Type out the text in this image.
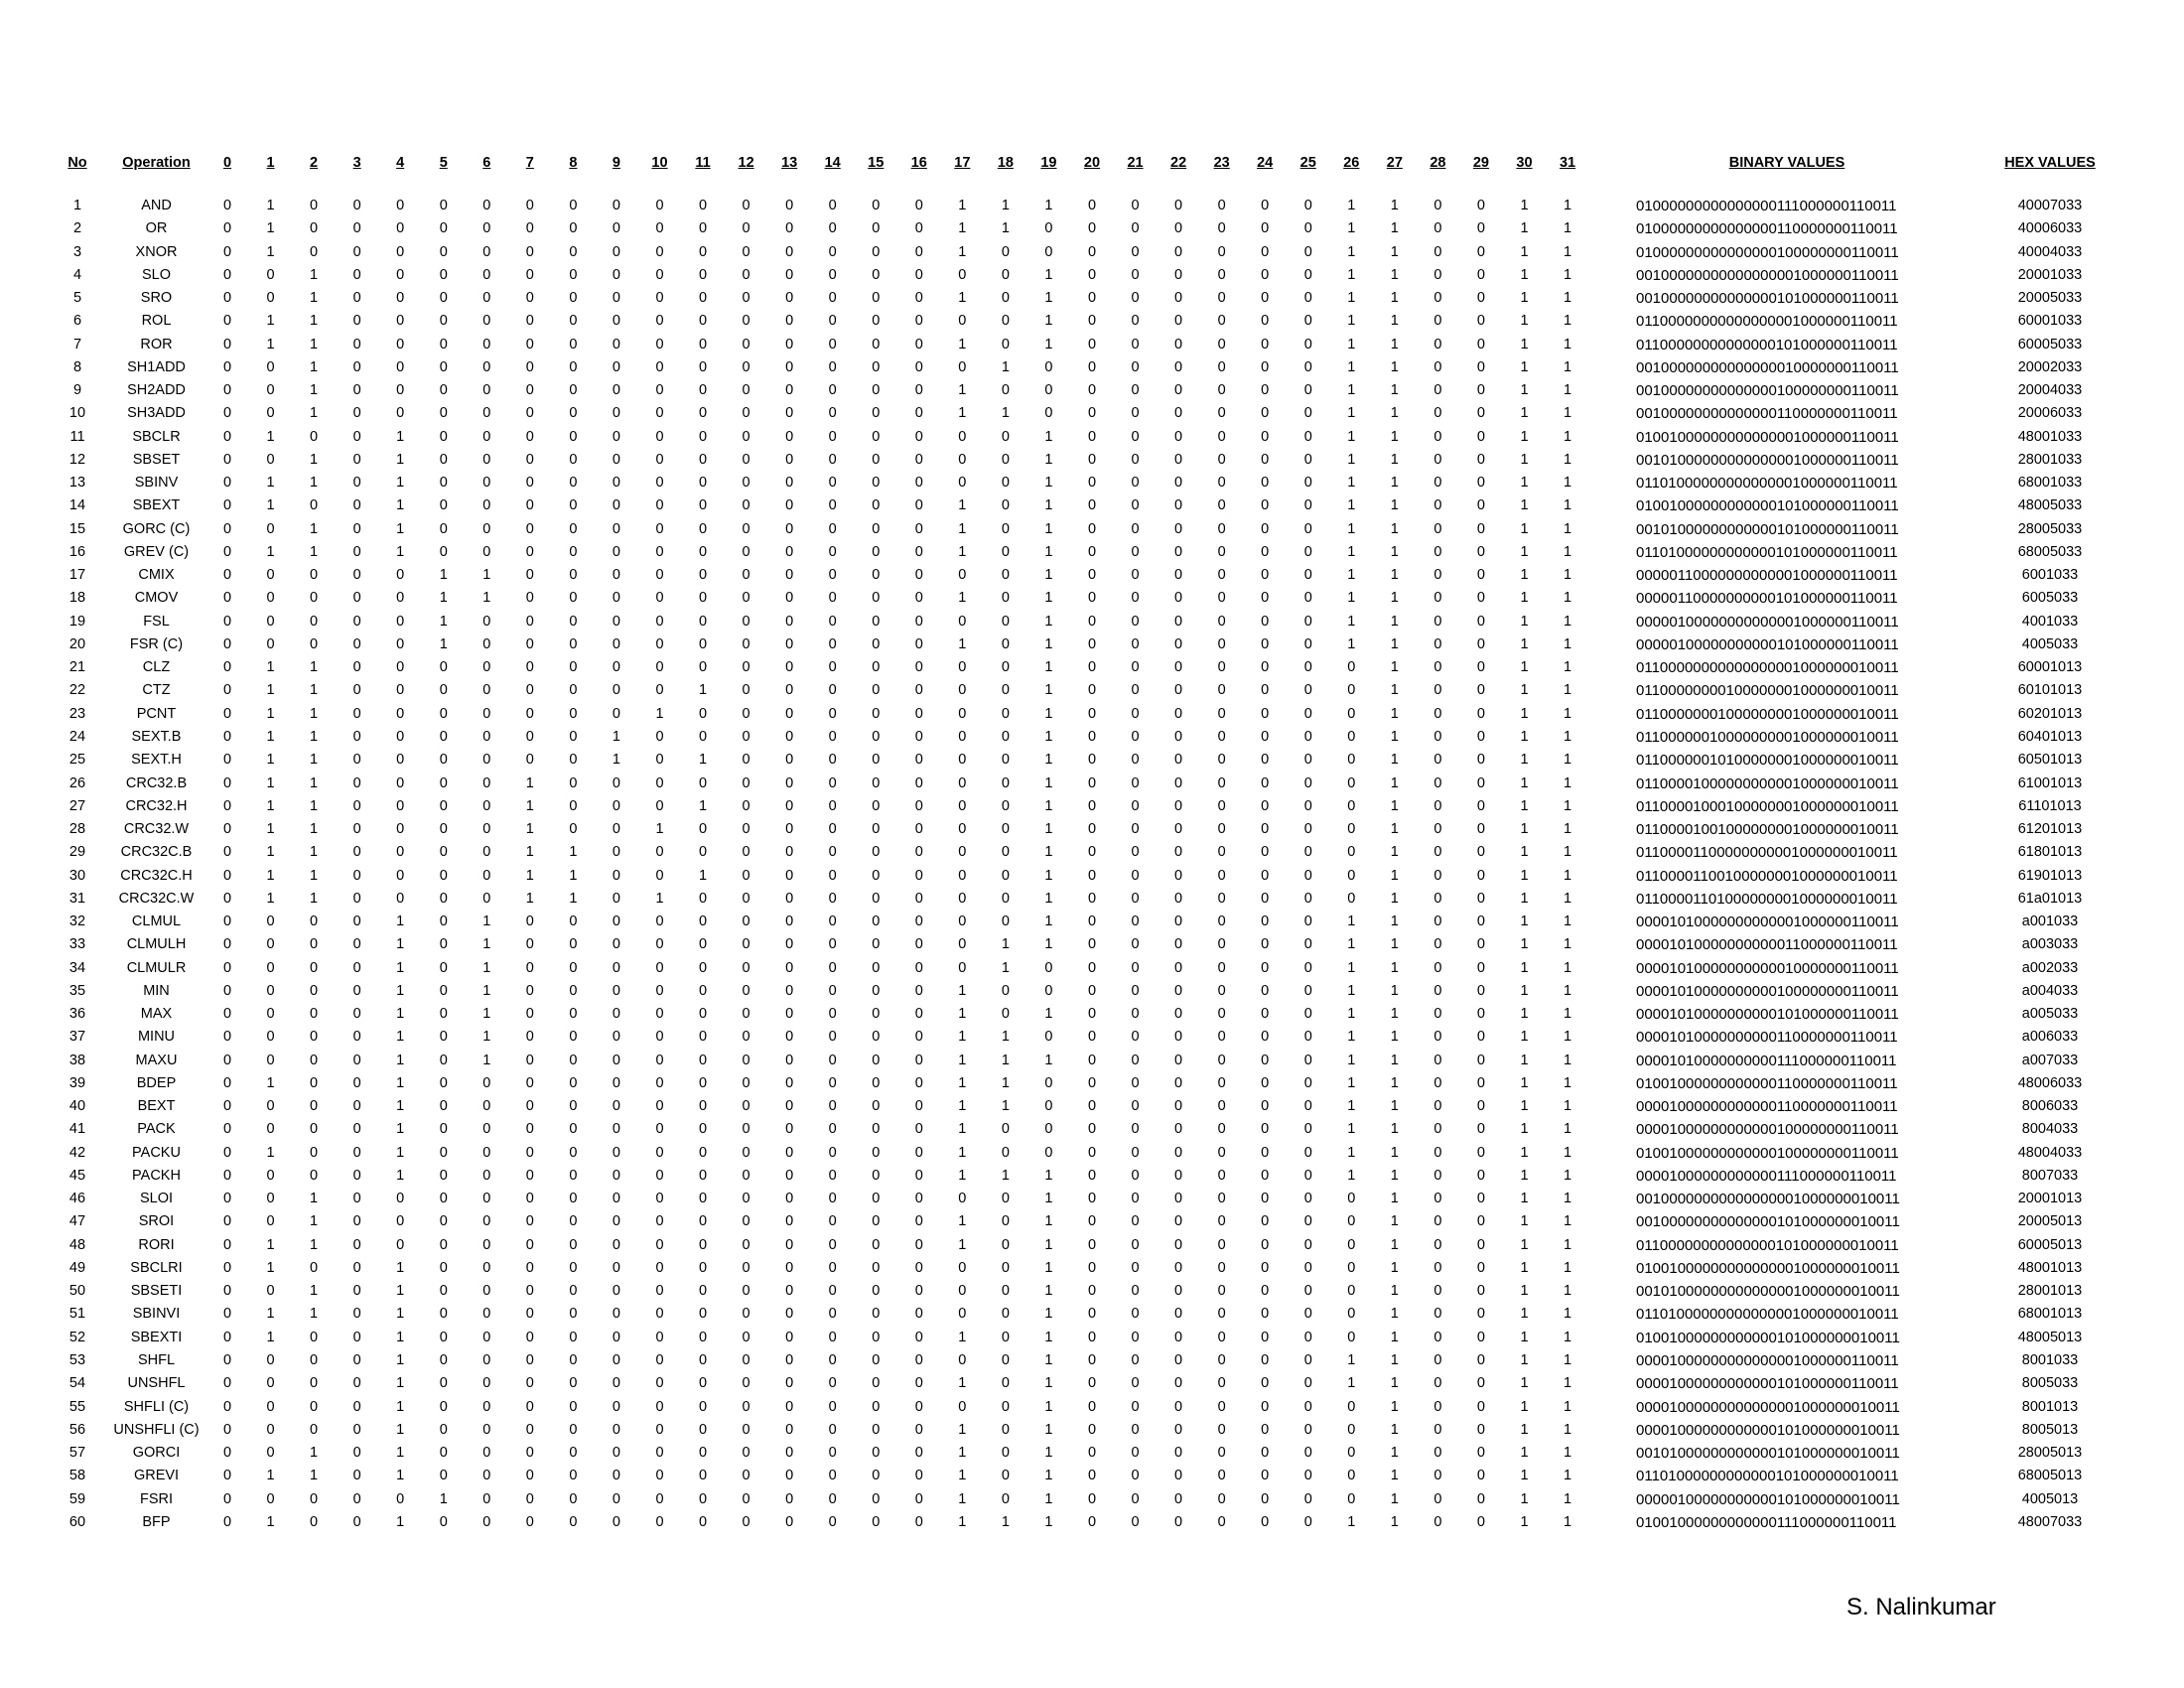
No	Operation	0	1	2	3	4	5	6	7	8	9	10	11	12	13	14	15	16	17	18	19	20	21	22	23	24	25	26	27	28	29	30	31	BINARY VALUES	HEX VALUES
1	AND	0	1	0	0	0	0	0	0	0	0	0	0	0	0	0	0	0	1	1	1	0	0	0	0	0	0	1	1	0	0	1	1	01000000000000000111000000110011	40007033
2	OR	0	1	0	0	0	0	0	0	0	0	0	0	0	0	0	0	0	1	1	0	0	0	0	0	0	0	1	1	0	0	1	1	01000000000000000110000000110011	40006033
3	XNOR	0	1	0	0	0	0	0	0	0	0	0	0	0	0	0	0	0	1	0	0	0	0	0	0	0	0	1	1	0	0	1	1	01000000000000000100000000110011	40004033
4	SLO	0	0	1	0	0	0	0	0	0	0	0	0	0	0	0	0	0	0	0	1	0	0	0	0	0	0	1	1	0	0	1	1	00100000000000000001000000110011	20001033
5	SRO	0	0	1	0	0	0	0	0	0	0	0	0	0	0	0	0	0	1	0	1	0	0	0	0	0	0	1	1	0	0	1	1	00100000000000000101000000110011	20005033
6	ROL	0	1	1	0	0	0	0	0	0	0	0	0	0	0	0	0	0	0	0	1	0	0	0	0	0	0	1	1	0	0	1	1	01100000000000000001000000110011	60001033
7	ROR	0	1	1	0	0	0	0	0	0	0	0	0	0	0	0	0	0	1	0	1	0	0	0	0	0	0	1	1	0	0	1	1	01100000000000000101000000110011	60005033
8	SH1ADD	0	0	1	0	0	0	0	0	0	0	0	0	0	0	0	0	0	0	1	0	0	0	0	0	0	0	1	1	0	0	1	1	00100000000000000010000000110011	20002033
9	SH2ADD	0	0	1	0	0	0	0	0	0	0	0	0	0	0	0	0	0	1	0	0	0	0	0	0	0	0	1	1	0	0	1	1	00100000000000000100000000110011	20004033
10	SH3ADD	0	0	1	0	0	0	0	0	0	0	0	0	0	0	0	0	0	1	1	0	0	0	0	0	0	0	1	1	0	0	1	1	00100000000000000110000000110011	20006033
11	SBCLR	0	1	0	0	1	0	0	0	0	0	0	0	0	0	0	0	0	0	0	1	0	0	0	0	0	0	1	1	0	0	1	1	01001000000000000001000000110011	48001033
12	SBSET	0	0	1	0	1	0	0	0	0	0	0	0	0	0	0	0	0	0	0	1	0	0	0	0	0	0	1	1	0	0	1	1	00101000000000000001000000110011	28001033
13	SBINV	0	1	1	0	1	0	0	0	0	0	0	0	0	0	0	0	0	0	0	1	0	0	0	0	0	0	1	1	0	0	1	1	01101000000000000001000000110011	68001033
14	SBEXT	0	1	0	0	1	0	0	0	0	0	0	0	0	0	0	0	0	1	0	1	0	0	0	0	0	0	1	1	0	0	1	1	01001000000000000101000000110011	48005033
15	GORC (C)	0	0	1	0	1	0	0	0	0	0	0	0	0	0	0	0	0	1	0	1	0	0	0	0	0	0	1	1	0	0	1	1	00101000000000000101000000110011	28005033
16	GREV (C)	0	1	1	0	1	0	0	0	0	0	0	0	0	0	0	0	0	1	0	1	0	0	0	0	0	0	1	1	0	0	1	1	01101000000000000101000000110011	68005033
17	CMIX	0	0	0	0	0	1	1	0	0	0	0	0	0	0	0	0	0	0	0	1	0	0	0	0	0	0	1	1	0	0	1	1	00000110000000000001000000110011	6001033
18	CMOV	0	0	0	0	0	1	1	0	0	0	0	0	0	0	0	0	0	1	0	1	0	0	0	0	0	0	1	1	0	0	1	1	00000110000000000101000000110011	6005033
19	FSL	0	0	0	0	0	1	0	0	0	0	0	0	0	0	0	0	0	0	0	1	0	0	0	0	0	0	1	1	0	0	1	1	00000100000000000001000000110011	4001033
20	FSR (C)	0	0	0	0	0	1	0	0	0	0	0	0	0	0	0	0	0	1	0	1	0	0	0	0	0	0	1	1	0	0	1	1	00000100000000000101000000110011	4005033
21	CLZ	0	1	1	0	0	0	0	0	0	0	0	0	0	0	0	0	0	0	0	1	0	0	0	0	0	0	0	1	0	0	1	1	01100000000000000001000000010011	60001013
22	CTZ	0	1	1	0	0	0	0	0	0	0	0	1	0	0	0	0	0	0	0	1	0	0	0	0	0	0	0	1	0	0	1	1	01100000000100000001000000010011	60101013
23	PCNT	0	1	1	0	0	0	0	0	0	0	1	0	0	0	0	0	0	0	0	1	0	0	0	0	0	0	0	1	0	0	1	1	01100000001000000001000000010011	60201013
24	SEXT.B	0	1	1	0	0	0	0	0	0	1	0	0	0	0	0	0	0	0	0	1	0	0	0	0	0	0	0	1	0	0	1	1	01100000010000000001000000010011	60401013
25	SEXT.H	0	1	1	0	0	0	0	0	0	1	0	1	0	0	0	0	0	0	0	1	0	0	0	0	0	0	0	1	0	0	1	1	01100000010100000001000000010011	60501013
26	CRC32.B	0	1	1	0	0	0	0	1	0	0	0	0	0	0	0	0	0	0	0	1	0	0	0	0	0	0	0	1	0	0	1	1	01100001000000000001000000010011	61001013
27	CRC32.H	0	1	1	0	0	0	0	1	0	0	0	1	0	0	0	0	0	0	0	1	0	0	0	0	0	0	0	1	0	0	1	1	01100001000100000001000000010011	61101013
28	CRC32.W	0	1	1	0	0	0	0	1	0	0	1	0	0	0	0	0	0	0	0	1	0	0	0	0	0	0	0	1	0	0	1	1	01100001001000000001000000010011	61201013
29	CRC32C.B	0	1	1	0	0	0	0	1	1	0	0	0	0	0	0	0	0	0	0	1	0	0	0	0	0	0	0	1	0	0	1	1	01100001100000000001000000010011	61801013
30	CRC32C.H	0	1	1	0	0	0	0	1	1	0	0	1	0	0	0	0	0	0	0	1	0	0	0	0	0	0	0	1	0	0	1	1	01100001100100000001000000010011	61901013
31	CRC32C.W	0	1	1	0	0	0	0	1	1	0	1	0	0	0	0	0	0	0	0	1	0	0	0	0	0	0	0	1	0	0	1	1	01100001101000000001000000010011	61a01013
32	CLMUL	0	0	0	0	1	0	1	0	0	0	0	0	0	0	0	0	0	0	0	1	0	0	0	0	0	0	1	1	0	0	1	1	00001010000000000001000000110011	a001033
33	CLMULH	0	0	0	0	1	0	1	0	0	0	0	0	0	0	0	0	0	0	1	1	0	0	0	0	0	0	1	1	0	0	1	1	00001010000000000011000000110011	a003033
34	CLMULR	0	0	0	0	1	0	1	0	0	0	0	0	0	0	0	0	0	0	1	0	0	0	0	0	0	0	1	1	0	0	1	1	00001010000000000010000000110011	a002033
35	MIN	0	0	0	0	1	0	1	0	0	0	0	0	0	0	0	0	0	1	0	0	0	0	0	0	0	0	1	1	0	0	1	1	00001010000000000100000000110011	a004033
36	MAX	0	0	0	0	1	0	1	0	0	0	0	0	0	0	0	0	0	1	0	1	0	0	0	0	0	0	1	1	0	0	1	1	00001010000000000101000000110011	a005033
37	MINU	0	0	0	0	1	0	1	0	0	0	0	0	0	0	0	0	0	1	1	0	0	0	0	0	0	0	1	1	0	0	1	1	00001010000000000110000000110011	a006033
38	MAXU	0	0	0	0	1	0	1	0	0	0	0	0	0	0	0	0	0	1	1	1	0	0	0	0	0	0	1	1	0	0	1	1	00001010000000000111000000110011	a007033
39	BDEP	0	1	0	0	1	0	0	0	0	0	0	0	0	0	0	0	0	1	1	0	0	0	0	0	0	0	1	1	0	0	1	1	01001000000000000110000000110011	48006033
40	BEXT	0	0	0	0	1	0	0	0	0	0	0	0	0	0	0	0	0	1	1	0	0	0	0	0	0	0	1	1	0	0	1	1	00001000000000000110000000110011	8006033
41	PACK	0	0	0	0	1	0	0	0	0	0	0	0	0	0	0	0	0	1	0	0	0	0	0	0	0	0	1	1	0	0	1	1	00001000000000000100000000110011	8004033
42	PACKU	0	1	0	0	1	0	0	0	0	0	0	0	0	0	0	0	0	1	0	0	0	0	0	0	0	0	1	1	0	0	1	1	01001000000000000100000000110011	48004033
45	PACKH	0	0	0	0	1	0	0	0	0	0	0	0	0	0	0	0	0	1	1	1	0	0	0	0	0	0	1	1	0	0	1	1	00001000000000000111000000110011	8007033
46	SLOI	0	0	1	0	0	0	0	0	0	0	0	0	0	0	0	0	0	0	0	1	0	0	0	0	0	0	0	1	0	0	1	1	00100000000000000001000000010011	20001013
47	SROI	0	0	1	0	0	0	0	0	0	0	0	0	0	0	0	0	0	1	0	1	0	0	0	0	0	0	0	1	0	0	1	1	00100000000000000101000000010011	20005013
48	RORI	0	1	1	0	0	0	0	0	0	0	0	0	0	0	0	0	0	1	0	1	0	0	0	0	0	0	0	1	0	0	1	1	01100000000000000101000000010011	60005013
49	SBCLRI	0	1	0	0	1	0	0	0	0	0	0	0	0	0	0	0	0	0	0	1	0	0	0	0	0	0	0	1	0	0	1	1	01001000000000000001000000010011	48001013
50	SBSETI	0	0	1	0	1	0	0	0	0	0	0	0	0	0	0	0	0	0	0	1	0	0	0	0	0	0	0	1	0	0	1	1	00101000000000000001000000010011	28001013
51	SBINVI	0	1	1	0	1	0	0	0	0	0	0	0	0	0	0	0	0	0	0	1	0	0	0	0	0	0	0	1	0	0	1	1	01101000000000000001000000010011	68001013
52	SBEXTI	0	1	0	0	1	0	0	0	0	0	0	0	0	0	0	0	0	1	0	1	0	0	0	0	0	0	0	1	0	0	1	1	01001000000000000101000000010011	48005013
53	SHFL	0	0	0	0	1	0	0	0	0	0	0	0	0	0	0	0	0	0	0	1	0	0	0	0	0	0	1	1	0	0	1	1	00001000000000000001000000110011	8001033
54	UNSHFL	0	0	0	0	1	0	0	0	0	0	0	0	0	0	0	0	0	1	0	1	0	0	0	0	0	0	1	1	0	0	1	1	00001000000000000101000000110011	8005033
55	SHFLI (C)	0	0	0	0	1	0	0	0	0	0	0	0	0	0	0	0	0	0	0	1	0	0	0	0	0	0	0	1	0	0	1	1	00001000000000000001000000010011	8001013
56	UNSHFLI (C)	0	0	0	0	1	0	0	0	0	0	0	0	0	0	0	0	0	1	0	1	0	0	0	0	0	0	0	1	0	0	1	1	00001000000000000101000000010011	8005013
57	GORCI	0	0	1	0	1	0	0	0	0	0	0	0	0	0	0	0	0	1	0	1	0	0	0	0	0	0	0	1	0	0	1	1	00101000000000000101000000010011	28005013
58	GREVI	0	1	1	0	1	0	0	0	0	0	0	0	0	0	0	0	0	1	0	1	0	0	0	0	0	0	0	1	0	0	1	1	01101000000000000101000000010011	68005013
59	FSRI	0	0	0	0	0	1	0	0	0	0	0	0	0	0	0	0	0	1	0	1	0	0	0	0	0	0	0	1	0	0	1	1	00000100000000000101000000010011	4005013
60	BFP	0	1	0	0	1	0	0	0	0	0	0	0	0	0	0	0	0	1	1	1	0	0	0	0	0	0	1	1	0	0	1	1	01001000000000000111000000110011	48007033
S. Nalinkumar
